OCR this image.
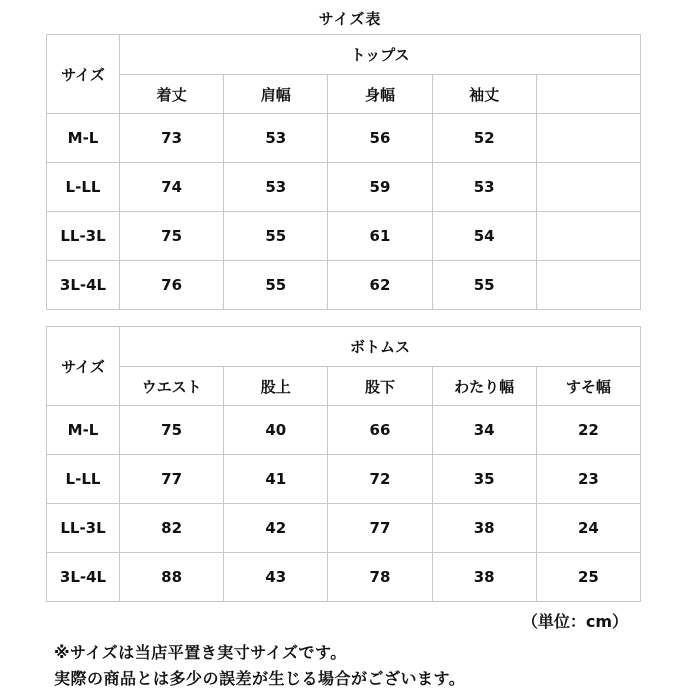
サイズ表
サイズ	トップス				
	着丈	肩幅	身幅	袖丈	
M-L	73	53	56	52	
L-LL	74	53	59	53	
LL-3L	75	55	61	54	
3L-4L	76	55	62	55	
サイズ	ボトムス				
	ウエスト	股上	股下	わたり幅	すそ幅
M-L	75	40	66	34	22
L-LL	77	41	72	35	23
LL-3L	82	42	77	38	24
3L-4L	88	43	78	38	25
（単位：cm）
※サイズは当店平置き実寸サイズです。
実際の商品とは多少の誤差が生じる場合がございます。
